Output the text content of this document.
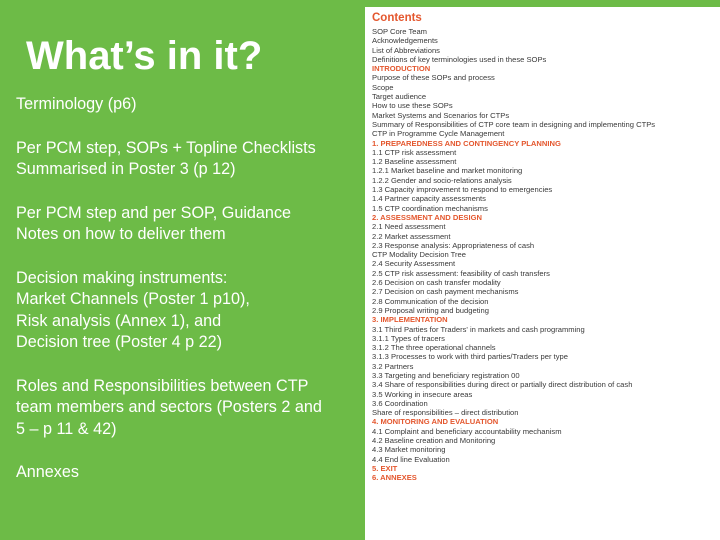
What’s in it?
Terminology (p6)
Per PCM step, SOPs + Topline Checklists
Summarised in Poster 3 (p 12)
Per PCM step and per SOP, Guidance
Notes on how to deliver them
Decision making instruments:
Market Channels (Poster 1 p10),
Risk analysis (Annex 1), and
Decision tree (Poster 4 p 22)
Roles and Responsibilities between CTP
team members and sectors (Posters 2 and
5 – p 11 & 42)
Annexes
Contents
SOP Core Team
Acknowledgements
List of Abbreviations
Definitions of key terminologies used in these SOPs
INTRODUCTION
Purpose of these SOPs and process
Scope
Target audience
How to use these SOPs
Market Systems and Scenarios for CTPs
Summary of Responsibilities of CTP core team in designing and implementing CTPs
CTP in Programme Cycle Management
1. PREPAREDNESS AND CONTINGENCY PLANNING
1.1 CTP risk assessment
1.2 Baseline assessment
1.2.1 Market baseline and market monitoring
1.2.2 Gender and socio-relations analysis
1.3 Capacity improvement to respond to emergencies
1.4 Partner capacity assessments
1.5 CTP coordination mechanisms
2. ASSESSMENT AND DESIGN
2.1 Need assessment
2.2 Market assessment
2.3 Response analysis: Appropriateness of cash
CTP Modality Decision Tree
2.4 Security Assessment
2.5 CTP risk assessment: feasibility of cash transfers
2.6 Decision on cash transfer modality
2.7 Decision on cash payment mechanisms
2.8 Communication of the decision
2.9 Proposal writing and budgeting
3. IMPLEMENTATION
3.1 Third Parties for Traders' in markets and cash programming
3.1.1 Types of tracers
3.1.2 The three operational channels
3.1.3 Processes to work with third parties/Traders per type
3.2 Partners
3.3 Targeting and beneficiary registration 00
3.4 Share of responsibilities during direct or partially direct distribution of cash
3.5 Working in insecure areas
3.6 Coordination
Share of responsibilities – direct distribution
4. MONITORING AND EVALUATION
4.1 Complaint and beneficiary accountability mechanism
4.2 Baseline creation and Monitoring
4.3 Market monitoring
4.4 End line Evaluation
5. EXIT
6. ANNEXES
